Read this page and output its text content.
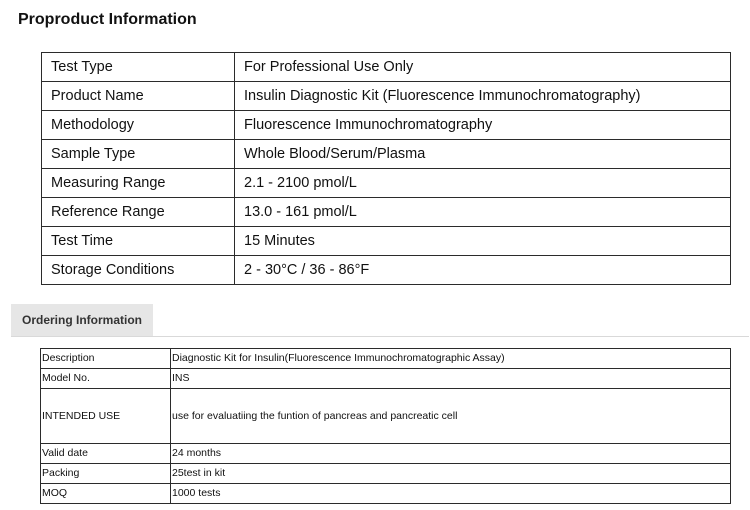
Proproduct Information
Test Type	For Professional Use Only
Product Name	Insulin Diagnostic Kit (Fluorescence Immunochromatography)
Methodology	Fluorescence Immunochromatography
Sample Type	Whole Blood/Serum/Plasma
Measuring Range	2.1 - 2100 pmol/L
Reference Range	13.0 - 161 pmol/L
Test Time	15 Minutes
Storage Conditions	2 - 30°C / 36 - 86°F
Ordering Information
Description	Diagnostic Kit for Insulin(Fluorescence Immunochromatographic Assay)
Model No.	INS
INTENDED USE	use for evaluatiing the funtion of pancreas and pancreatic cell
Valid date	24 months
Packing	25test in kit
MOQ	1000 tests
